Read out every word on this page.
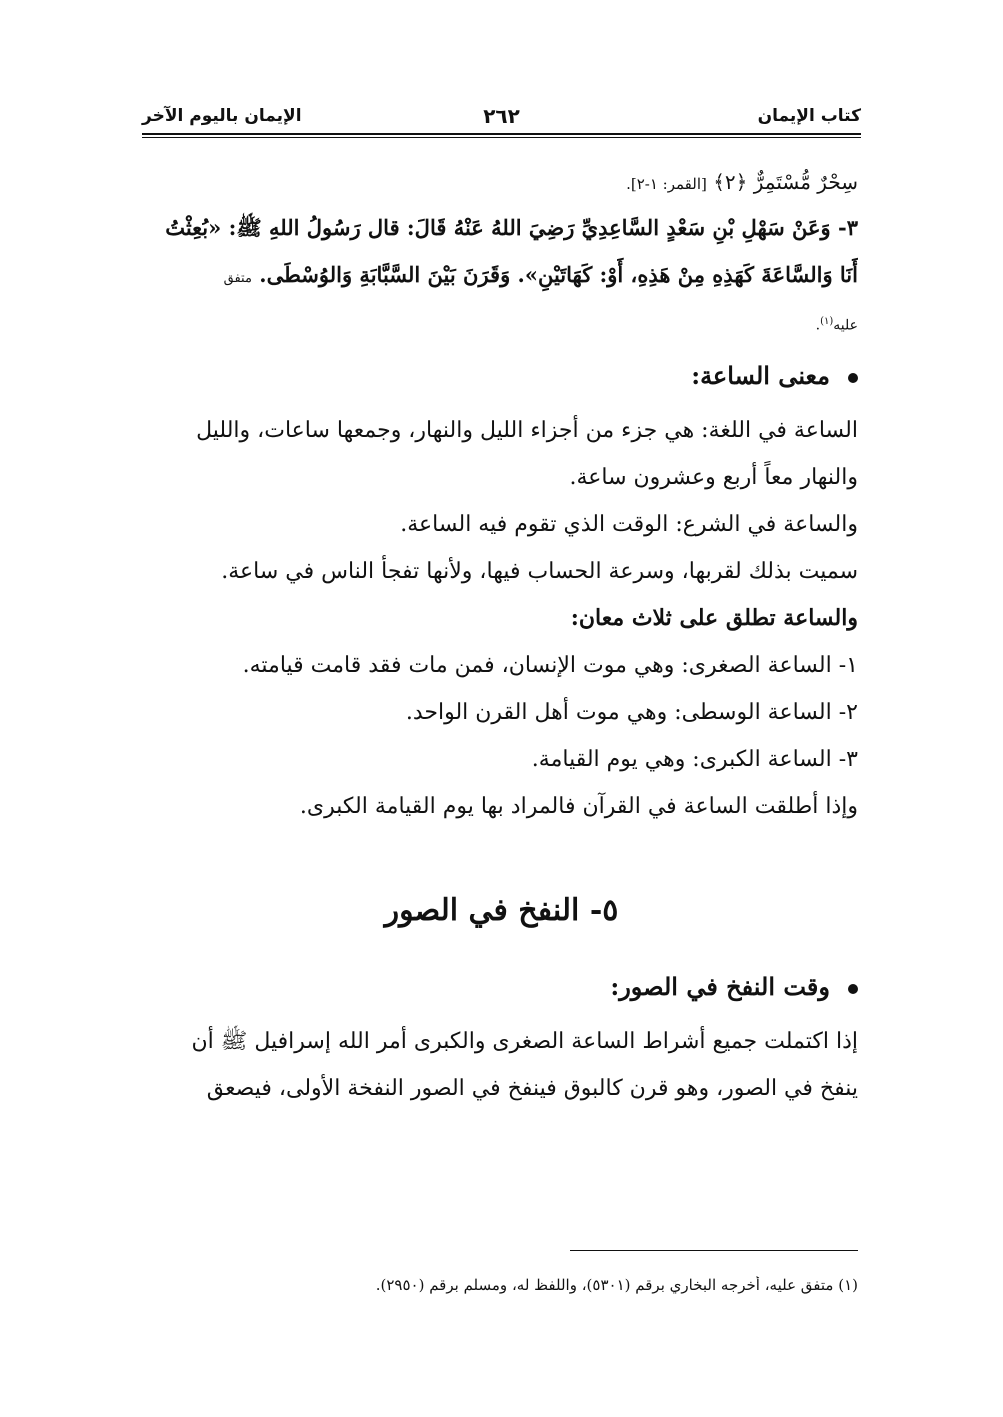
كتاب الإيمان
٢٦٢
الإيمان باليوم الآخر
سِحْرٌ مُّسْتَمِرٌّ ﴿٢﴾ [القمر: ١-٢].
٣- وَعَنْ سَهْلِ بْنِ سَعْدٍ السَّاعِدِيِّ رَضِيَ اللهُ عَنْهُ قَالَ: قال رَسُولُ اللهِ ﷺ: «بُعِثْتُ
أَنَا وَالسَّاعَةَ كَهَذِهِ مِنْ هَذِهِ، أَوْ: كَهَاتَيْنِ». وَقَرَنَ بَيْنَ السَّبَّابَةِ وَالوُسْطَى. متفق
عليه$^{(١)}$.
معنى الساعة:
الساعة في اللغة: هي جزء من أجزاء الليل والنهار، وجمعها ساعات، والليل
والنهار معاً أربع وعشرون ساعة.
والساعة في الشرع: الوقت الذي تقوم فيه الساعة.
سميت بذلك لقربها، وسرعة الحساب فيها، ولأنها تفجأ الناس في ساعة.
والساعة تطلق على ثلاث معان:
١- الساعة الصغرى: وهي موت الإنسان، فمن مات فقد قامت قيامته.
٢- الساعة الوسطى: وهي موت أهل القرن الواحد.
٣- الساعة الكبرى: وهي يوم القيامة.
وإذا أطلقت الساعة في القرآن فالمراد بها يوم القيامة الكبرى.
٥- النفخ في الصور
وقت النفخ في الصور:
إذا اكتملت جميع أشراط الساعة الصغرى والكبرى أمر الله إسرافيل ﷺ أن
ينفخ في الصور، وهو قرن كالبوق فينفخ في الصور النفخة الأولى، فيصعق
(١) متفق عليه، أخرجه البخاري برقم (٥٣٠١)، واللفظ له، ومسلم برقم (٢٩٥٠).
